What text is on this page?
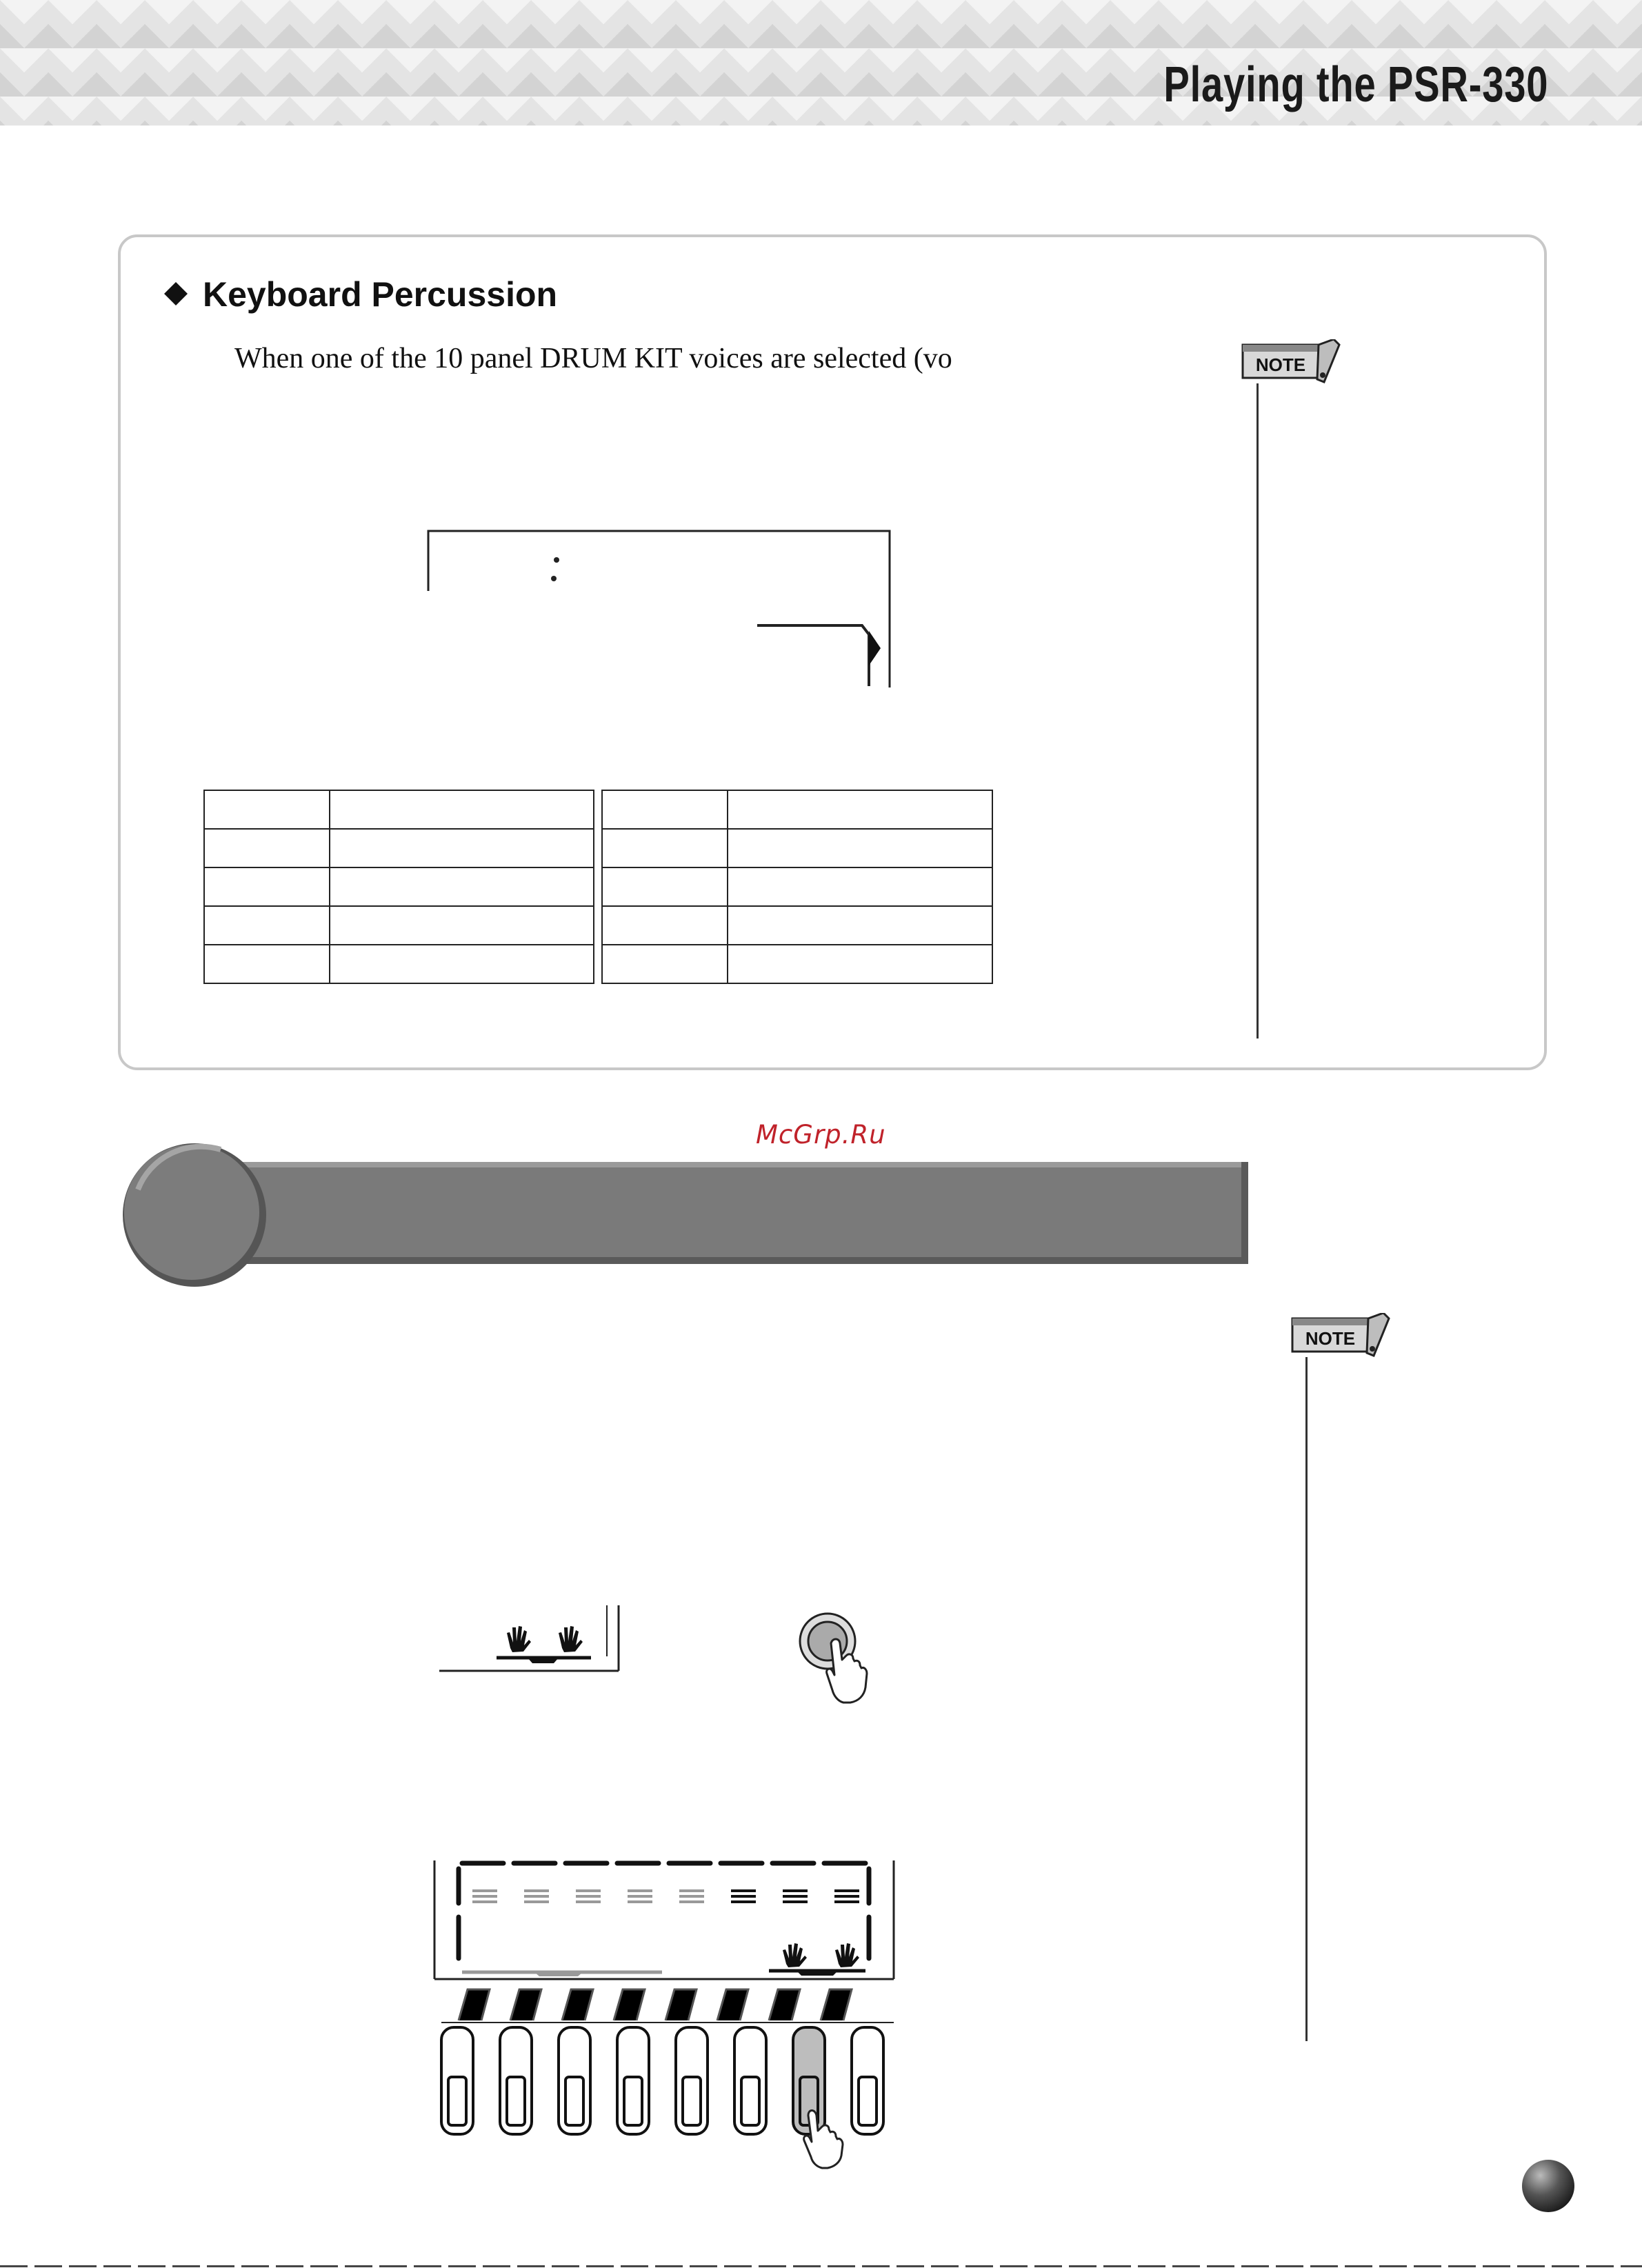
Playing the PSR-330
Keyboard Percussion
When one of the 10 panel DRUM KIT voices are selected (vo	NOTE

McGrp.Ru
NOTE
